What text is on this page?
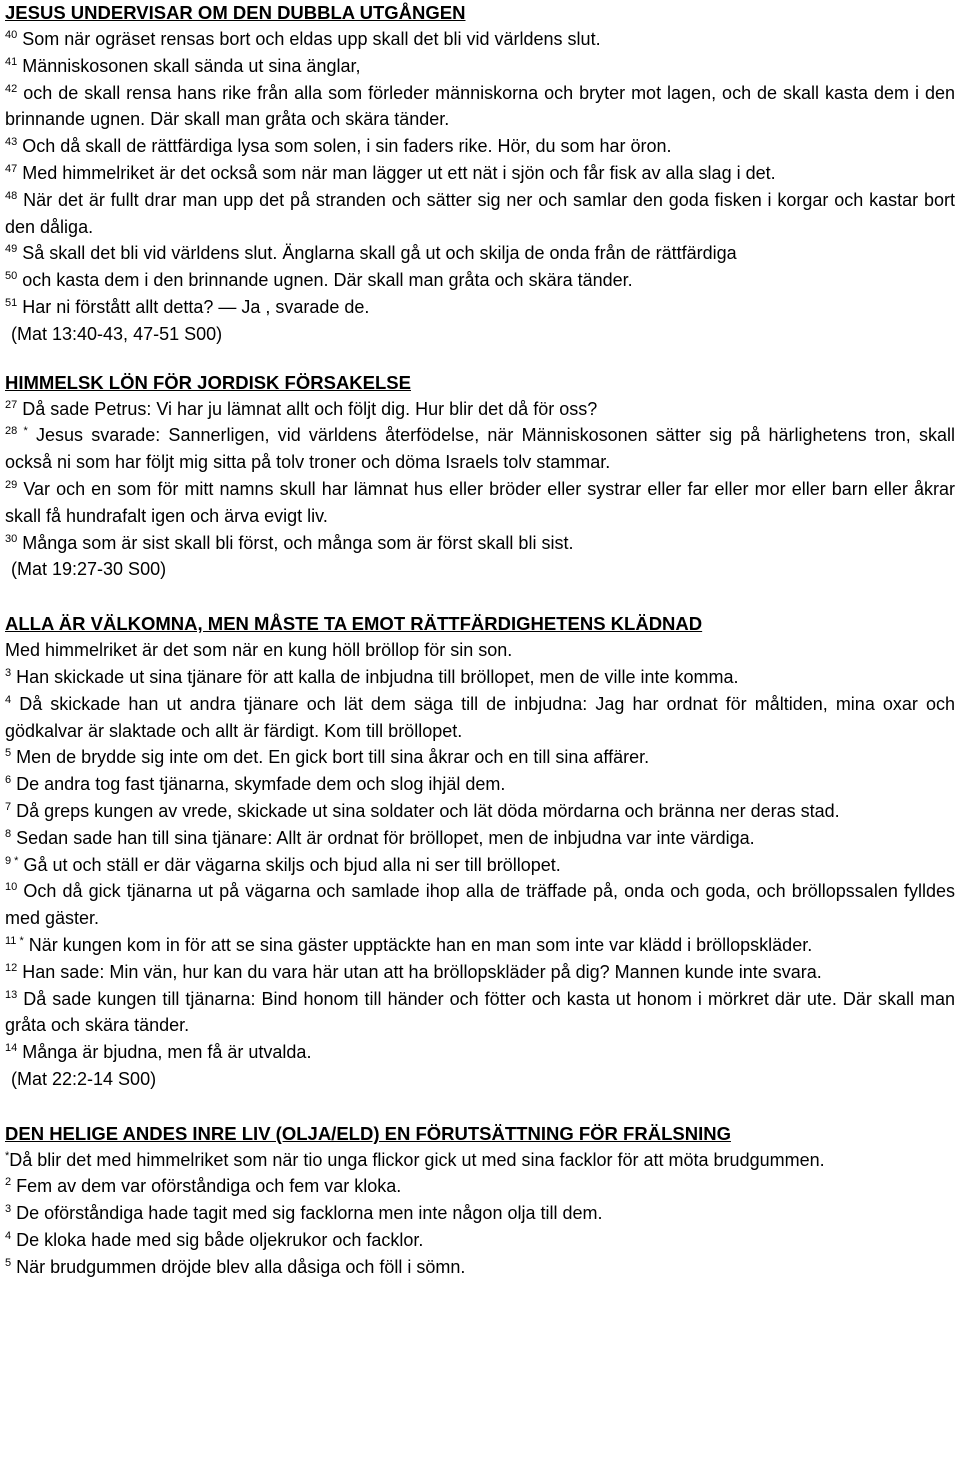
JESUS UNDERVISAR OM DEN DUBBLA UTGÅNGEN

$^{40}$ Som när ogräset rensas bort och eldas upp skall det bli vid världens slut.

$^{41}$ Människosonen skall sända ut sina änglar,

$^{42}$ och de skall rensa hans rike från alla som förleder människorna och bryter mot lagen, och de skall kasta dem i den brinnande ugnen. Där skall man gråta och skära tänder.

$^{43}$ Och då skall de rättfärdiga lysa som solen, i sin faders rike. Hör, du som har öron.

$^{47}$ Med himmelriket är det också som när man lägger ut ett nät i sjön och får fisk av alla slag i det.

$^{48}$ När det är fullt drar man upp det på stranden och sätter sig ner och samlar den goda fisken i korgar och kastar bort den dåliga.

$^{49}$ Så skall det bli vid världens slut. Änglarna skall gå ut och skilja de onda från de rättfärdiga

$^{50}$ och kasta dem i den brinnande ugnen. Där skall man gråta och skära tänder.

$^{51}$ Har ni förstått allt detta? — Ja , svarade de.

(Mat 13:40-43, 47-51 S00)

HIMMELSK LÖN FÖR JORDISK FÖRSAKELSE

$^{27}$ Då sade Petrus: Vi har ju lämnat allt och följt dig. Hur blir det då för oss?

$^{28 *}$ Jesus svarade: Sannerligen, vid världens återfödelse, när Människosonen sätter sig på härlighetens tron, skall också ni som har följt mig sitta på tolv troner och döma Israels tolv stammar.

$^{29}$ Var och en som för mitt namns skull har lämnat hus eller bröder eller systrar eller far eller mor eller barn eller åkrar skall få hundrafalt igen och ärva evigt liv.

$^{30}$ Många som är sist skall bli först, och många som är först skall bli sist.

(Mat 19:27-30 S00)

ALLA ÄR VÄLKOMNA, MEN MÅSTE TA EMOT RÄTTFÄRDIGHETENS KLÄDNAD

Med himmelriket är det som när en kung höll bröllop för sin son.

$^3$ Han skickade ut sina tjänare för att kalla de inbjudna till bröllopet, men de ville inte komma.

$^4$ Då skickade han ut andra tjänare och lät dem säga till de inbjudna: Jag har ordnat för måltiden, mina oxar och gödkalvar är slaktade och allt är färdigt. Kom till bröllopet.

$^5$ Men de brydde sig inte om det. En gick bort till sina åkrar och en till sina affärer.

$^6$ De andra tog fast tjänarna, skymfade dem och slog ihjäl dem.

$^7$ Då greps kungen av vrede, skickade ut sina soldater och lät döda mördarna och bränna ner deras stad.

$^8$ Sedan sade han till sina tjänare: Allt är ordnat för bröllopet, men de inbjudna var inte värdiga.

$^{9 *}$ Gå ut och ställ er där vägarna skiljs och bjud alla ni ser till bröllopet.

$^{10}$ Och då gick tjänarna ut på vägarna och samlade ihop alla de träffade på, onda och goda, och bröllopssalen fylldes med gäster.

$^{11 *}$ När kungen kom in för att se sina gäster upptäckte han en man som inte var klädd i bröllopskläder.

$^{12}$ Han sade: Min vän, hur kan du vara här utan att ha bröllopskläder på dig? Mannen kunde inte svara.

$^{13}$ Då sade kungen till tjänarna: Bind honom till händer och fötter och kasta ut honom i mörkret där ute. Där skall man gråta och skära tänder.

$^{14}$ Många är bjudna, men få är utvalda.

(Mat 22:2-14 S00)

DEN HELIGE ANDES INRE LIV (OLJA/ELD) EN FÖRUTSÄTTNING FÖR FRÄLSNING

*Då blir det med himmelriket som när tio unga flickor gick ut med sina facklor för att möta brudgummen.

$^2$ Fem av dem var oförståndiga och fem var kloka.

$^3$ De oförståndiga hade tagit med sig facklorna men inte någon olja till dem.

$^4$ De kloka hade med sig både oljekrukor och facklor.

$^5$ När brudgummen dröjde blev alla dåsiga och föll i sömn.
